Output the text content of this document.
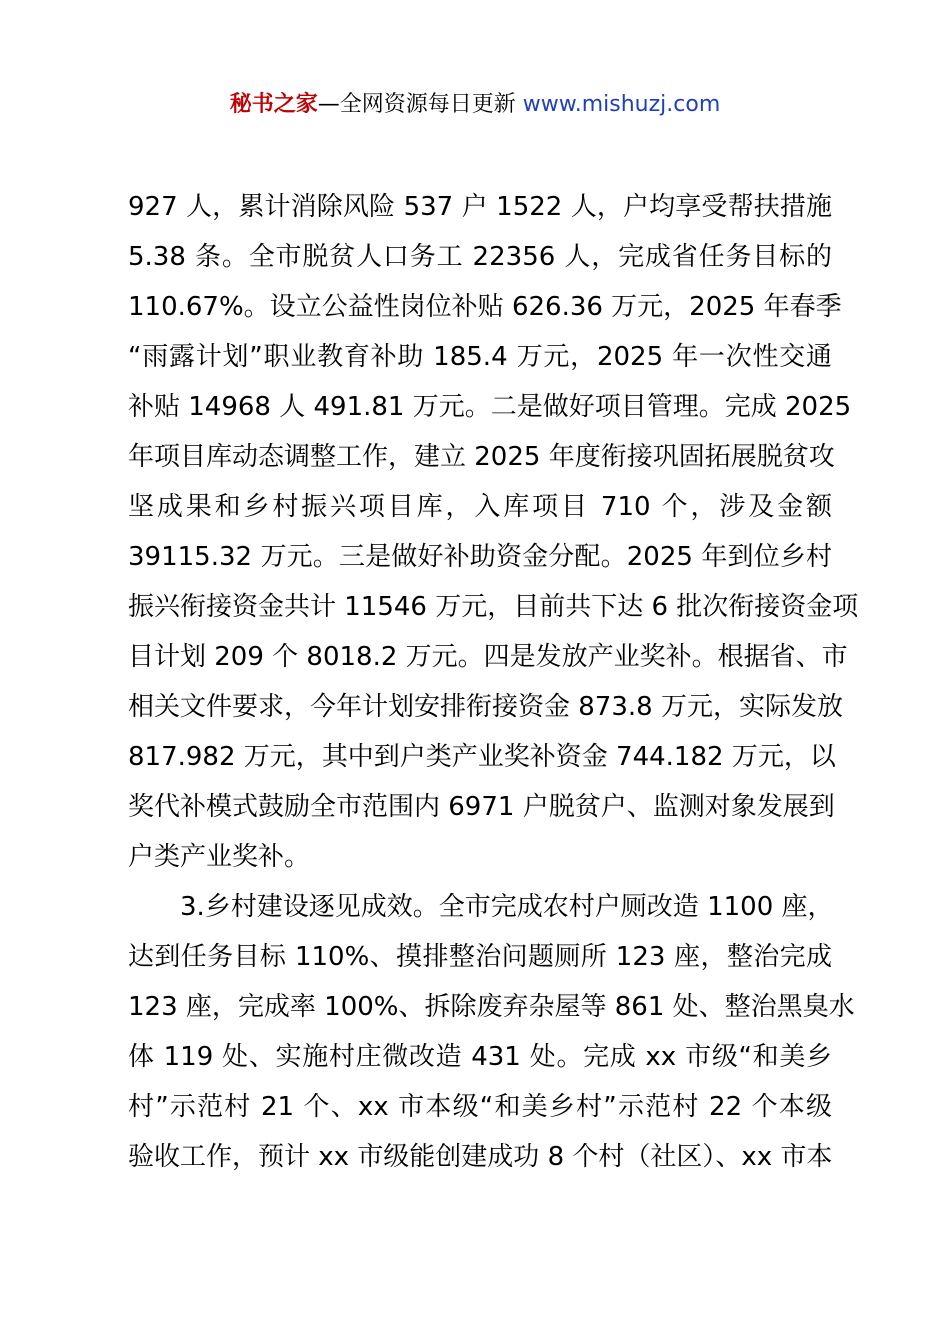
秘书之家—全网资源每日更新 www.mishuzj.com
927 人，累计消除风险 537 户 1522 人，户均享受帮扶措施
5.38 条。全市脱贫人口务工 22356 人，完成省任务目标的
110.67%。设立公益性岗位补贴 626.36 万元，2025 年春季
“雨露计划”职业教育补助 185.4 万元，2025 年一次性交通
补贴 14968 人 491.81 万元。二是做好项目管理。完成 2025
年项目库动态调整工作，建立 2025 年度衔接巩固拓展脱贫攻
坚成果和乡村振兴项目库，入库项目 710 个，涉及金额
39115.32 万元。三是做好补助资金分配。2025 年到位乡村
振兴衔接资金共计 11546 万元，目前共下达 6 批次衔接资金项
目计划 209 个 8018.2 万元。四是发放产业奖补。根据省、市
相关文件要求，今年计划安排衔接资金 873.8 万元，实际发放
817.982 万元，其中到户类产业奖补资金 744.182 万元，以
奖代补模式鼓励全市范围内 6971 户脱贫户、监测对象发展到
户类产业奖补。
3.乡村建设逐见成效。全市完成农村户厕改造 1100 座，
达到任务目标 110%、摸排整治问题厕所 123 座，整治完成
123 座，完成率 100%、拆除废弃杂屋等 861 处、整治黑臭水
体 119 处、实施村庄微改造 431 处。完成 xx 市级“和美乡
村”示范村 21 个、xx 市本级“和美乡村”示范村 22 个本级
验收工作，预计 xx 市级能创建成功 8 个村（社区）、xx 市本
